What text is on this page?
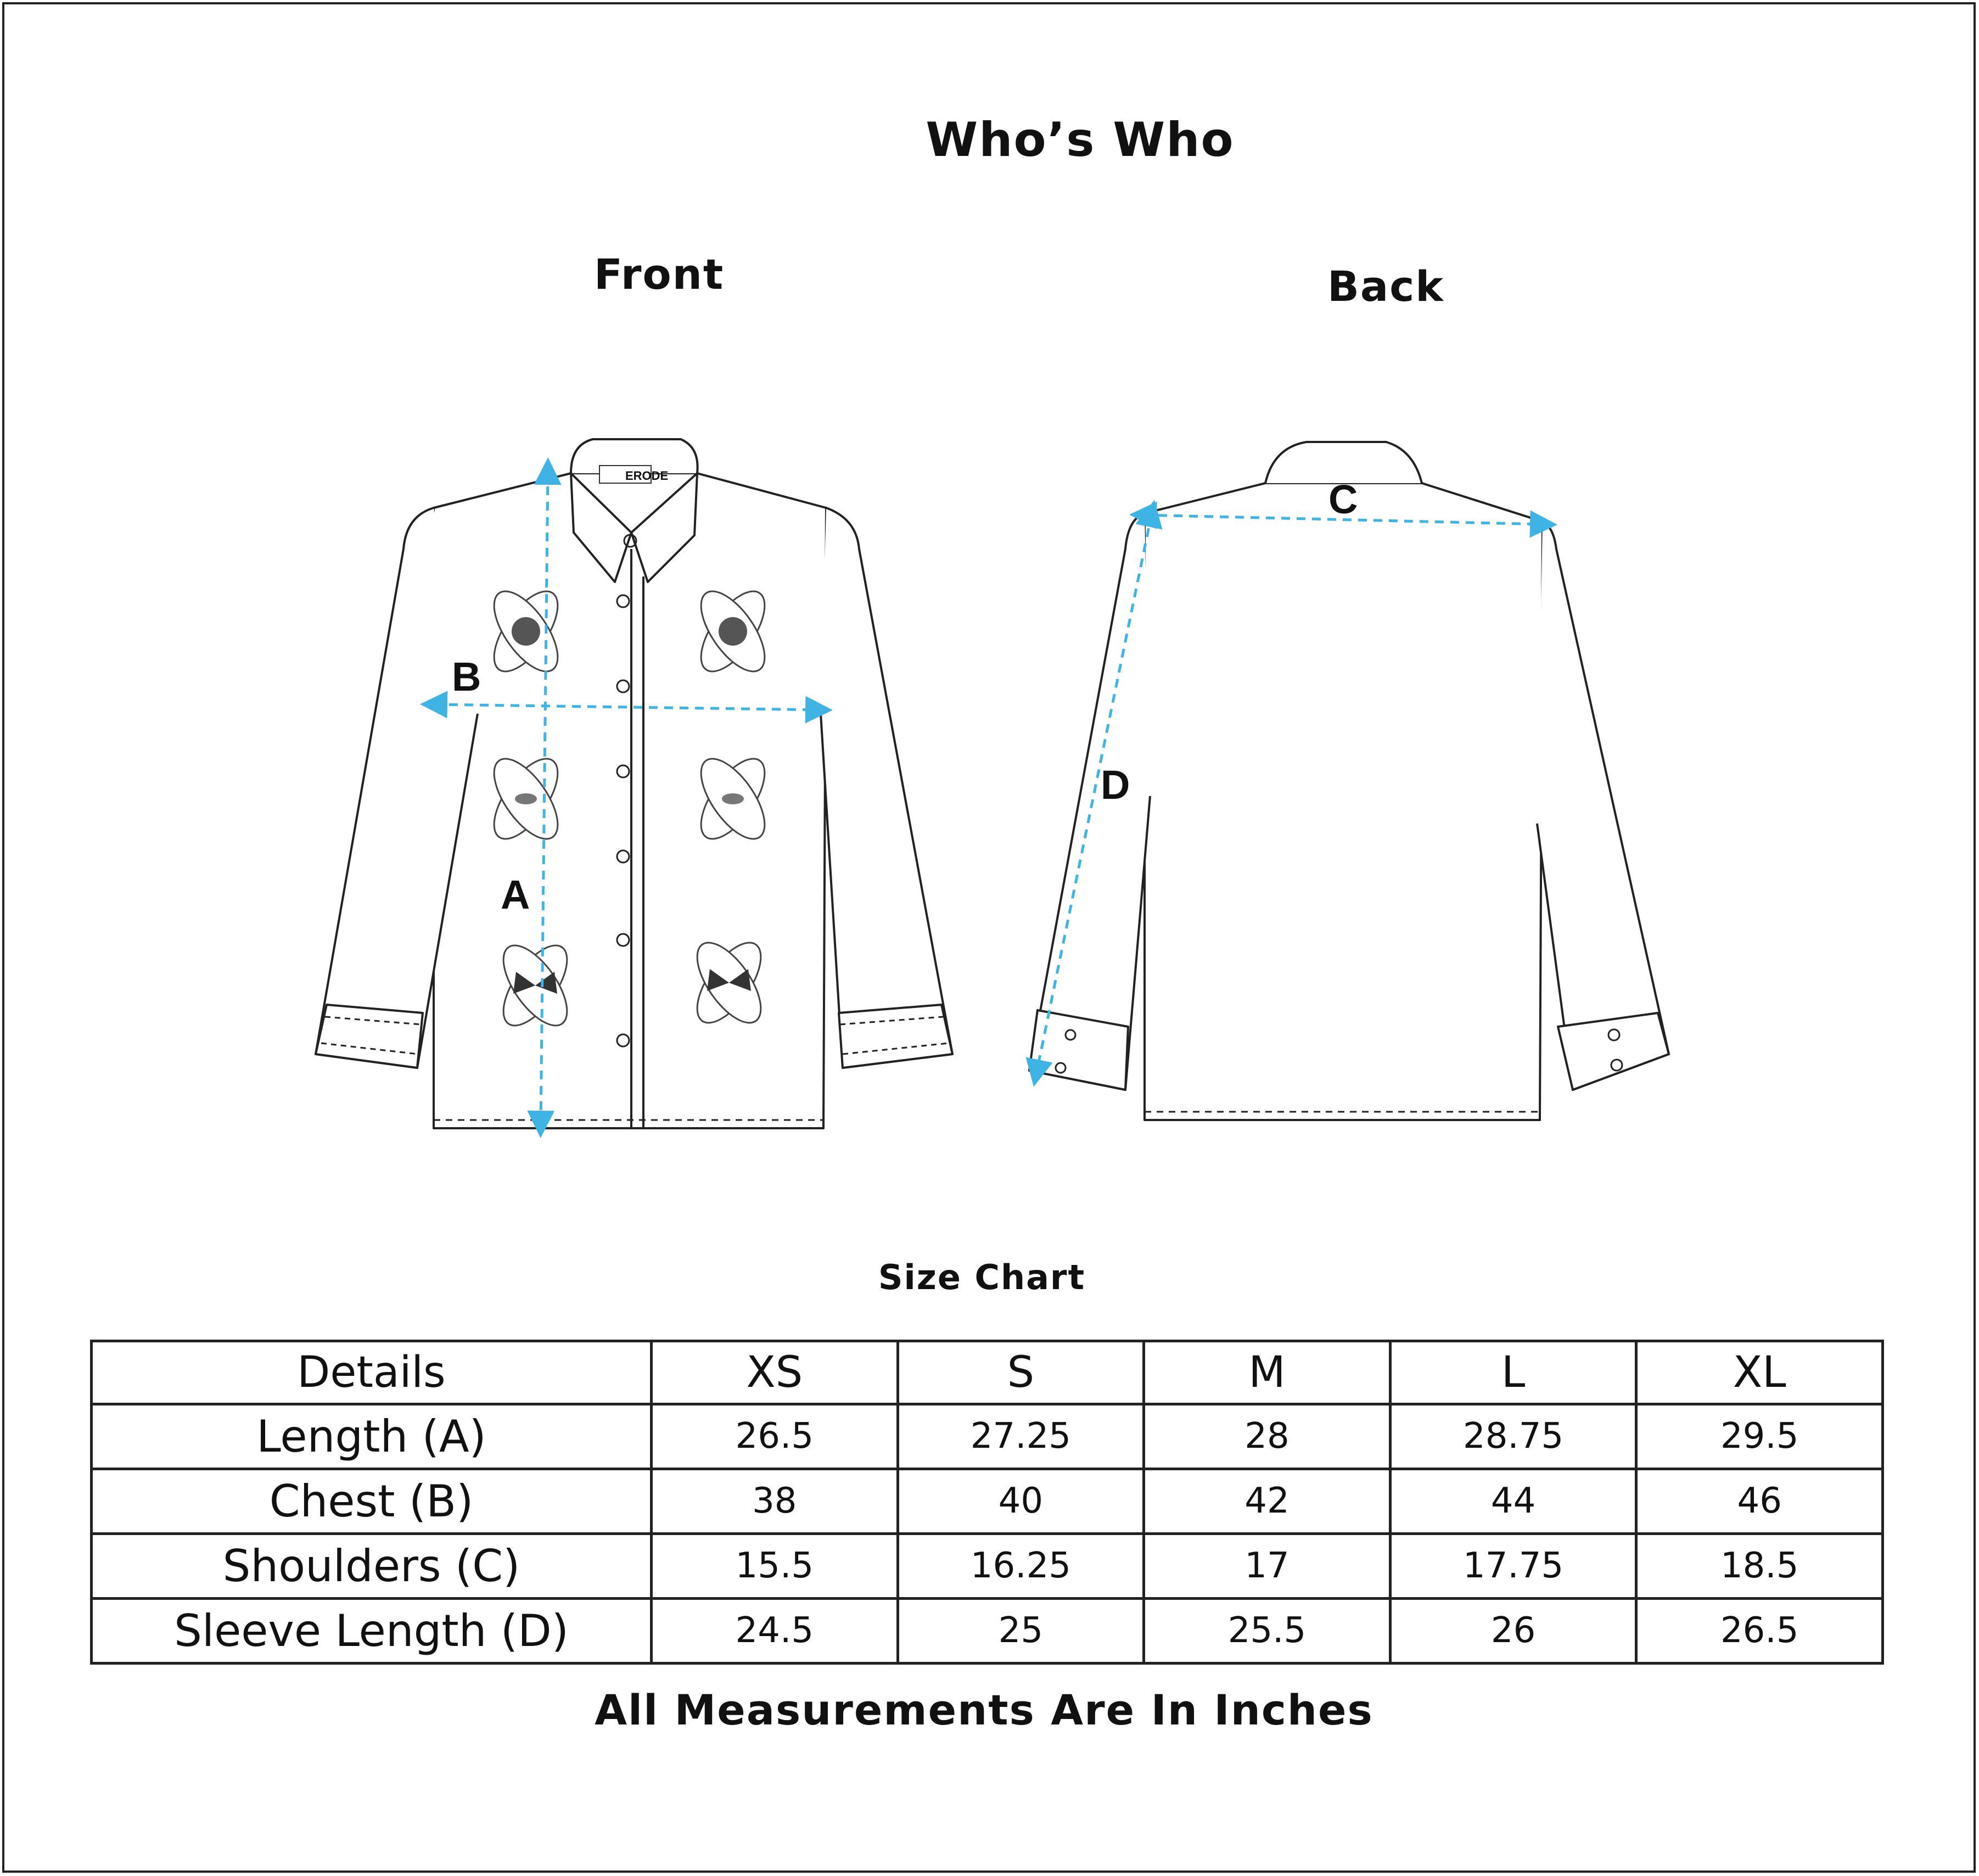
Who’s Who
Front	Back
B
A
C
D
ERODE
Size Chart
Details	XS	S	M	L	XL
Length (A)	26.5	27.25	28	28.75	29.5
Chest (B)	38	40	42	44	46
Shoulders (C)	15.5	16.25	17	17.75	18.5
Sleeve Length (D)	24.5	25	25.5	26	26.5
All Measurements Are In Inches
